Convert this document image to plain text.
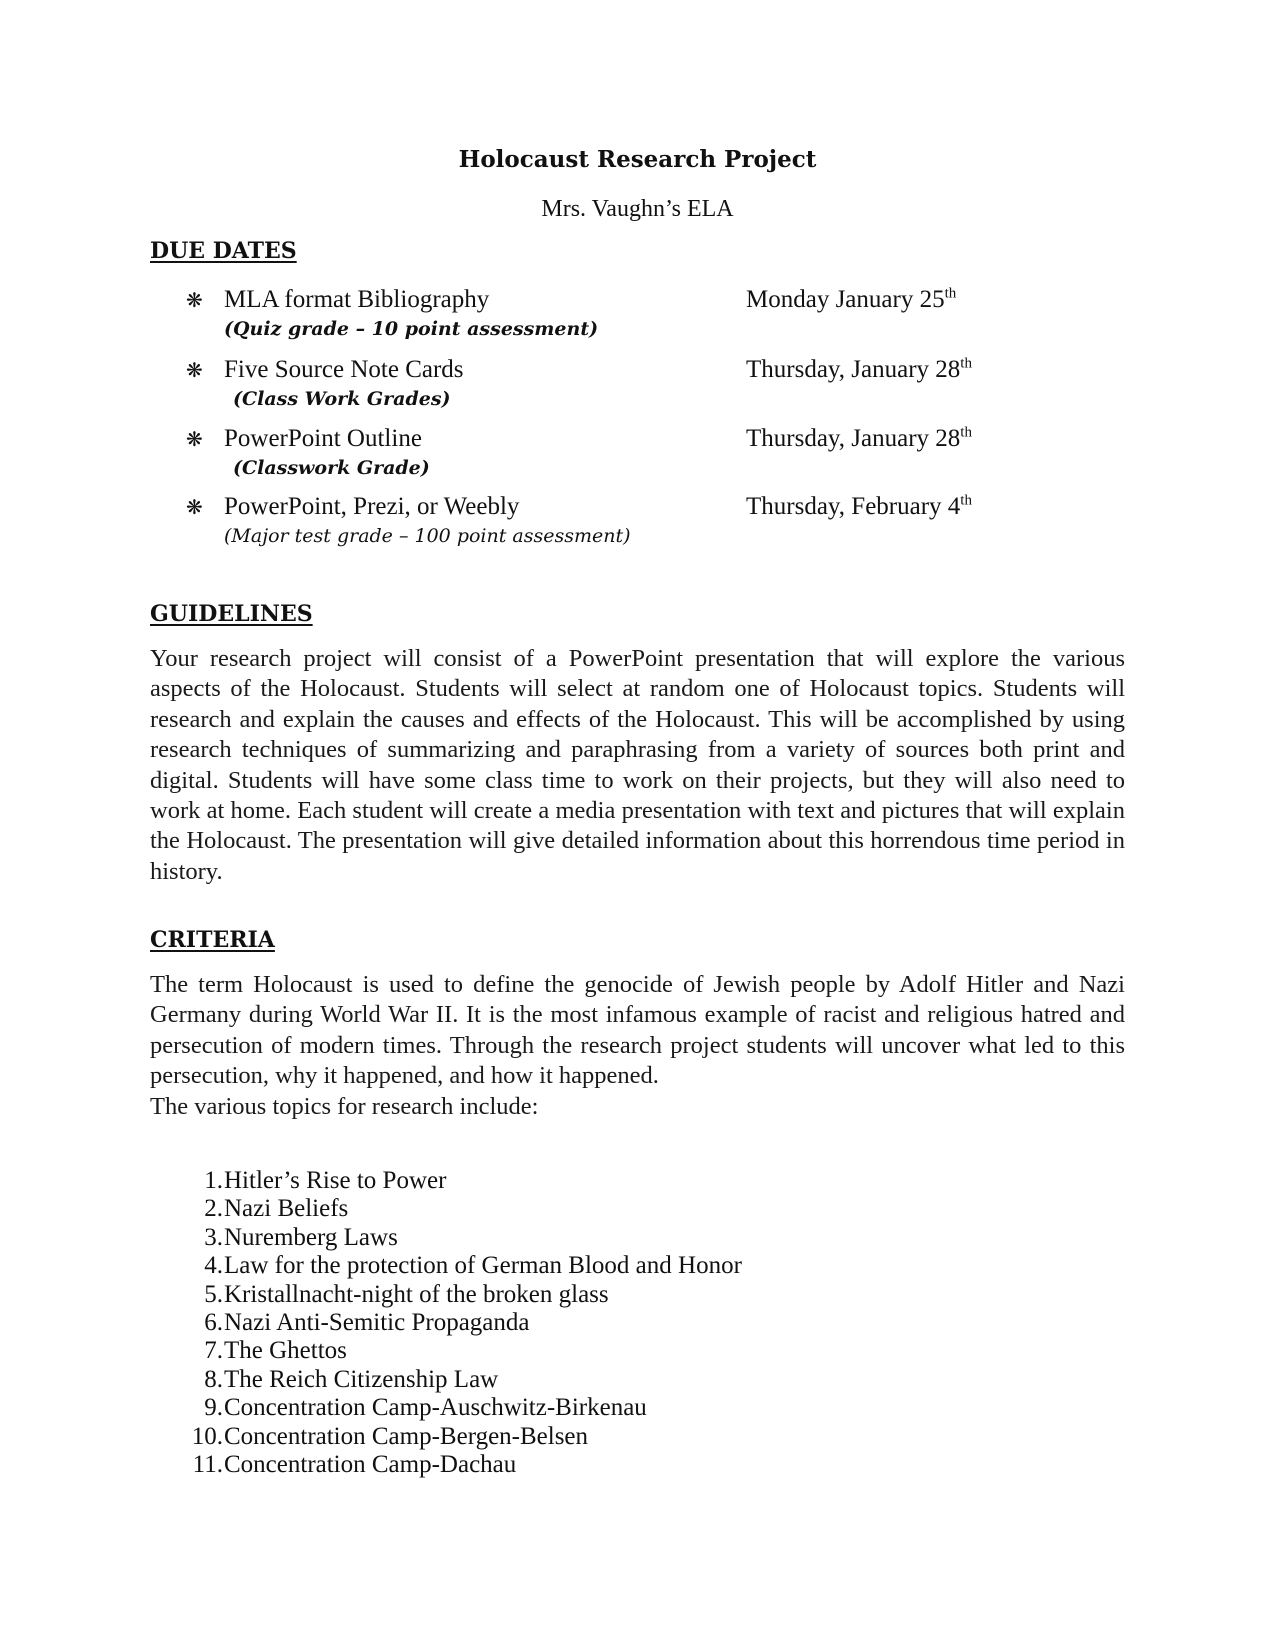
Holocaust Research Project
Mrs. Vaughn’s ELA
DUE DATES
❋ MLA format Bibliography
(Quiz grade – 10 point assessment)
Monday January 25th
❋ Five Source Note Cards
(Class Work Grades)
Thursday, January 28th
❋ PowerPoint Outline
(Classwork Grade)
Thursday, January 28th
❋ PowerPoint, Prezi, or Weebly
(Major test grade – 100 point assessment)
Thursday, February 4th
GUIDELINES
Your research project will consist of a PowerPoint presentation that will explore the various aspects of the Holocaust. Students will select at random one of Holocaust topics. Students will research and explain the causes and effects of the Holocaust. This will be accomplished by using research techniques of summarizing and paraphrasing from a variety of sources both print and digital. Students will have some class time to work on their projects, but they will also need to work at home. Each student will create a media presentation with text and pictures that will explain the Holocaust. The presentation will give detailed information about this horrendous time period in history.
CRITERIA
The term Holocaust is used to define the genocide of Jewish people by Adolf Hitler and Nazi Germany during World War II. It is the most infamous example of racist and religious hatred and persecution of modern times. Through the research project students will uncover what led to this persecution, why it happened, and how it happened.
The various topics for research include:
1. Hitler’s Rise to Power
2. Nazi Beliefs
3. Nuremberg Laws
4. Law for the protection of German Blood and Honor
5. Kristallnacht-night of the broken glass
6. Nazi Anti-Semitic Propaganda
7. The Ghettos
8. The Reich Citizenship Law
9. Concentration Camp-Auschwitz-Birkenau
10. Concentration Camp-Bergen-Belsen
11. Concentration Camp-Dachau
